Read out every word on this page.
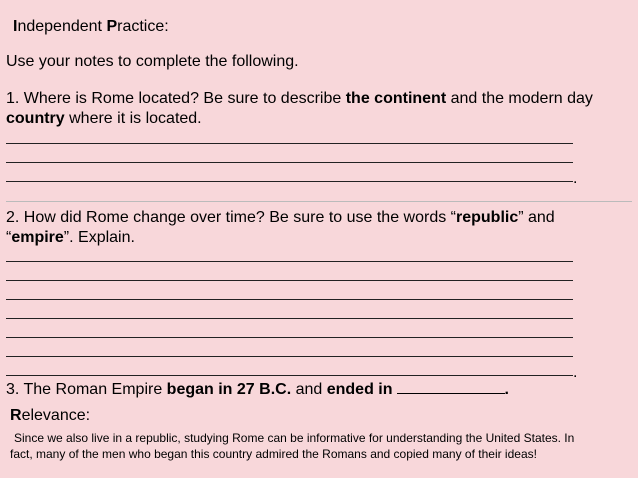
Independent Practice:
Use your notes to complete the following.
1. Where is Rome located? Be sure to describe the continent and the modern day
country where it is located.
.
2. How did Rome change over time? Be sure to use the words “republic” and
“empire”. Explain.
.
3. The Roman Empire began in 27 B.C. and ended in	.
Relevance:
Since we also live in a republic, studying Rome can be informative for understanding the United States. In
fact, many of the men who began this country admired the Romans and copied many of their ideas!
